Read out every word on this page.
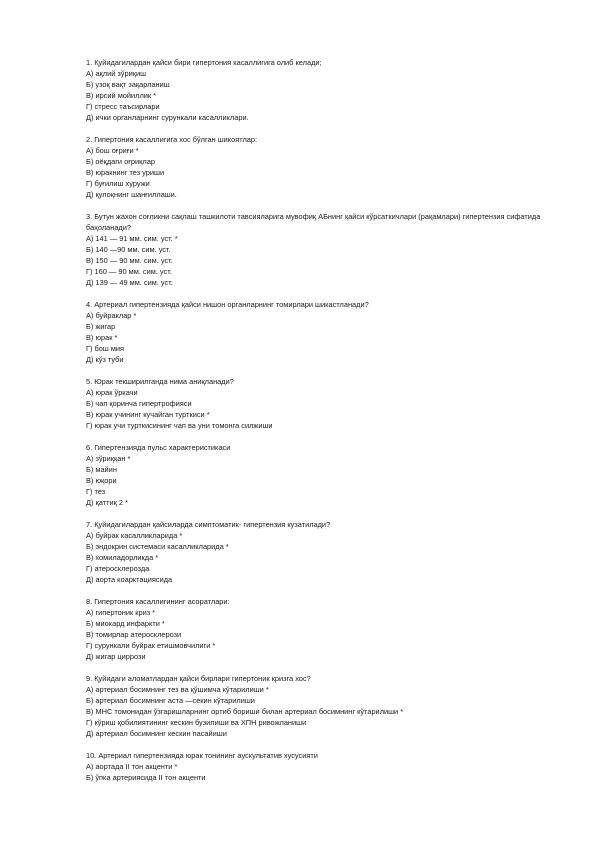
1. Қуйидагилардан қайси бири гипертония касаллигига олиб келади;
А) ақлий зўриқиш
Б) узоқ вақт зақарланиш
В) ирсий мойиллик *
Г) стресс таъсирлари
Д) ички органларнинг сурункали касалликлари.
2. Гипертония касаллигига хос бўлган шикоятлар:
А) бош оғриғи *
Б) оёқдаги оғриқлар
В) юракнинг тез уриши
Г) буғилиш хуружи
Д) қулоқнинг шанғиллаши.
3. Бутун жахон соғликни сақлаш ташкилоти тавсияларига мувофиқ АБнинг қайси кўрсаткичлари (рақамлари) гипертензия сифатида баҳоланади?
А) 141 — 91 мм. сим. уст. *
Б) 140 —90 мм. сим. уст.
В) 150 — 90 мм. сим. уст.
Г) 160 — 90 мм. сим. уст.
Д) 139 — 49 мм. сим. уст.
4. Артериал гипертензияда қайси нишон органларнинг томирлари шикастланади?
А) буйраклар *
Б) жигар
В) юрак *
Г) бош мия
Д) кўз туби
5. Юрак текширилганда нима аниқланади?
А) юрак ўркачи
Б) чап қоринча гипертрофияси
В) юрак учининг кучайган турткиси *
Г) юрак учи турткисининг чап ва уни томонга силжиши
6. Гипертензияда пульс характеристикаси
А) зўриққан *
Б) майин
В) юқори
Г) тез
Д) қаттиқ 2 *
7. Қуйидагилардан қайсиларда симптоматик- гипертензия кузатилади?
А) буйрак касалликларида *
Б) эндокрин системаси касалликларида *
В) хомиладорликда *
Г) атеросклерозда
Д) аорта коарктациясида
8. Гипертония касаллигининг асоратлари:
А) гипертоник криз *
Б) миокард инфаркти *
В) томирлар атеросклерози
Г) сурункали буйрак етишмовчилиги *
Д) жигар циррози
9. Қуйидаги аломатлардан қайси бирлари гипертоник кризга хос?
А) артериал босимнинг тез ва қўшимча кўтарилиши *
Б) артериал босимнинг аста —секин кўтарилиши
В) МНС томонидан ўзгаришларнинг ортиб бориши билан артериал босимнинг кўтарилиши *
Г) кўриш қобилиятининг кескин бузилиши ва ХПН ривожланиши
Д) артериал босимнинг кескин пасайиши
10. Артериал гипертензияда юрак тонининг аускультатив хусусияти
А) аортада II тон акценти *
Б) ўпка артериясида II тон акценти
